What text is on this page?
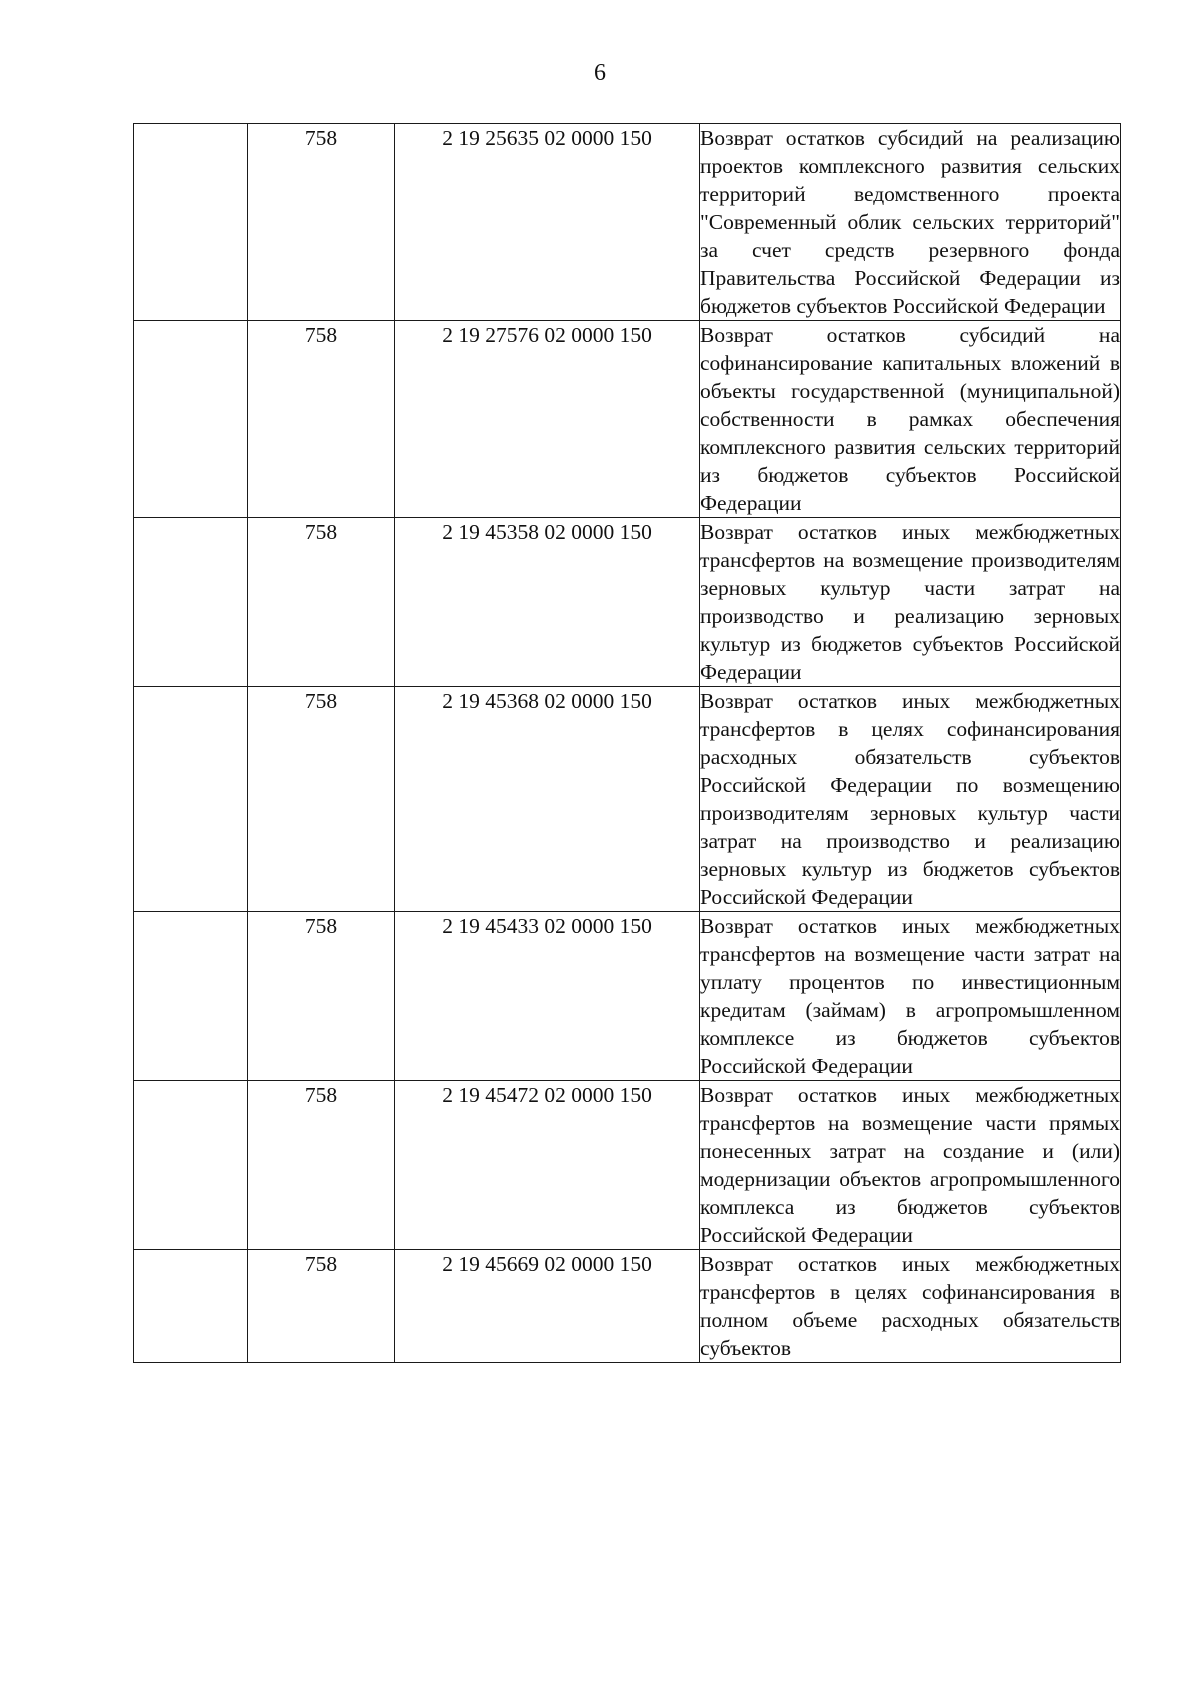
6
	758	2 19 25635 02 0000 150	Возврат остатков субсидий на реализацию проектов комплексного развития сельских территорий ведомственного проекта "Современный облик сельских территорий" за счет средств резервного фонда Правительства Российской Федерации из бюджетов субъектов Российской Федерации
	758	2 19 27576 02 0000 150	Возврат остатков субсидий на софинансирование капитальных вложений в объекты государственной (муниципальной) собственности в рамках обеспечения комплексного развития сельских территорий из бюджетов субъектов Российской Федерации
	758	2 19 45358 02 0000 150	Возврат остатков иных межбюджетных трансфертов на возмещение производителям зерновых культур части затрат на производство и реализацию зерновых культур из бюджетов субъектов Российской Федерации
	758	2 19 45368 02 0000 150	Возврат остатков иных межбюджетных трансфертов в целях софинансирования расходных обязательств субъектов Российской Федерации по возмещению производителям зерновых культур части затрат на производство и реализацию зерновых культур из бюджетов субъектов Российской Федерации
	758	2 19 45433 02 0000 150	Возврат остатков иных межбюджетных трансфертов на возмещение части затрат на уплату процентов по инвестиционным кредитам (займам) в агропромышленном комплексе из бюджетов субъектов Российской Федерации
	758	2 19 45472 02 0000 150	Возврат остатков иных межбюджетных трансфертов на возмещение части прямых понесенных затрат на создание и (или) модернизации объектов агропромышленного комплекса из бюджетов субъектов Российской Федерации
	758	2 19 45669 02 0000 150	Возврат остатков иных межбюджетных трансфертов в целях софинансирования в полном объеме расходных обязательств субъектов
